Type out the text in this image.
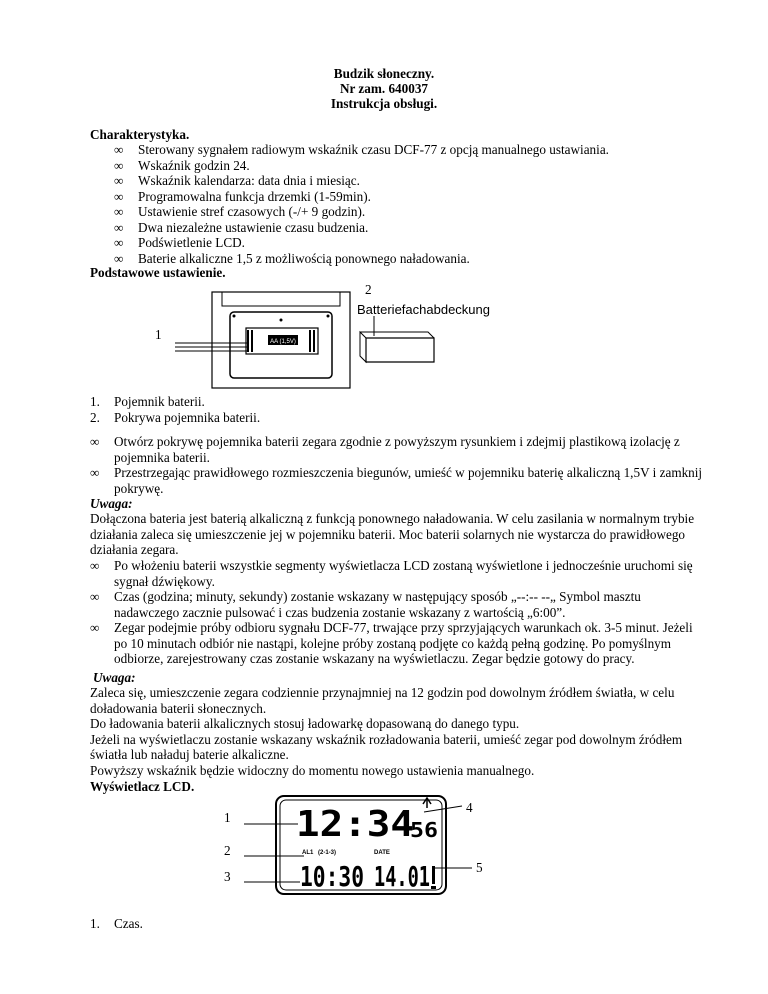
Budzik słoneczny.
Nr zam. 640037
Instrukcja obsługi.
Charakterystyka.
∞ Sterowany sygnałem radiowym wskaźnik czasu DCF-77 z opcją manualnego ustawiania.
∞ Wskaźnik godzin 24.
∞ Wskaźnik kalendarza: data dnia i miesiąc.
∞ Programowalna funkcja drzemki (1-59min).
∞ Ustawienie stref czasowych (-/+ 9 godzin).
∞ Dwa niezależne ustawienie czasu budzenia.
∞ Podświetlenie LCD.
∞ Baterie alkaliczne 1,5 z możliwością ponownego naładowania.
Podstawowe ustawienie.
2
1	AA (1,5V)
Batteriefachabdeckung
1. Pojemnik baterii.
2. Pokrywa pojemnika baterii.
∞ Otwórz pokrywę pojemnika baterii zegara zgodnie z powyższym rysunkiem i zdejmij plastikową izolację z
pojemnika baterii.
∞ Przestrzegając prawidłowego rozmieszczenia biegunów, umieść w pojemniku baterię alkaliczną 1,5V i zamknij
pokrywę.
Uwaga:
Dołączona bateria jest baterią alkaliczną z funkcją ponownego naładowania. W celu zasilania w normalnym trybie
działania zaleca się umieszczenie jej w pojemniku baterii. Moc baterii solarnych nie wystarcza do prawidłowego
działania zegara.
∞ Po włożeniu baterii wszystkie segmenty wyświetlacza LCD zostaną wyświetlone i jednocześnie uruchomi się
sygnał dźwiękowy.
∞ Czas (godzina; minuty, sekundy) zostanie wskazany w następujący sposób „--:-- --„ Symbol masztu
nadawczego zacznie pulsować i czas budzenia zostanie wskazany z wartością „6:00”.
∞ Zegar podejmie próby odbioru sygnału DCF-77, trwające przy sprzyjających warunkach ok. 3-5 minut. Jeżeli
po 10 minutach odbiór nie nastąpi, kolejne próby zostaną podjęte co każdą pełną godzinę. Po pomyślnym
odbiorze, zarejestrowany czas zostanie wskazany na wyświetlaczu. Zegar będzie gotowy do pracy.
Uwaga:
Zaleca się, umieszczenie zegara codziennie przynajmniej na 12 godzin pod dowolnym źródłem światła, w celu
doładowania baterii słonecznych.
Do ładowania baterii alkalicznych stosuj ładowarkę dopasowaną do danego typu.
Jeżeli na wyświetlaczu zostanie wskazany wskaźnik rozładowania baterii, umieść zegar pod dowolnym źródłem
światła lub naładuj baterie alkaliczne.
Powyższy wskaźnik będzie widoczny do momentu nowego ustawienia manualnego.
Wyświetlacz LCD.
1
2
3
4
5
12:34
56
AL1 (2-1-3)	DATE
10:30 14.01
1. Czas.
